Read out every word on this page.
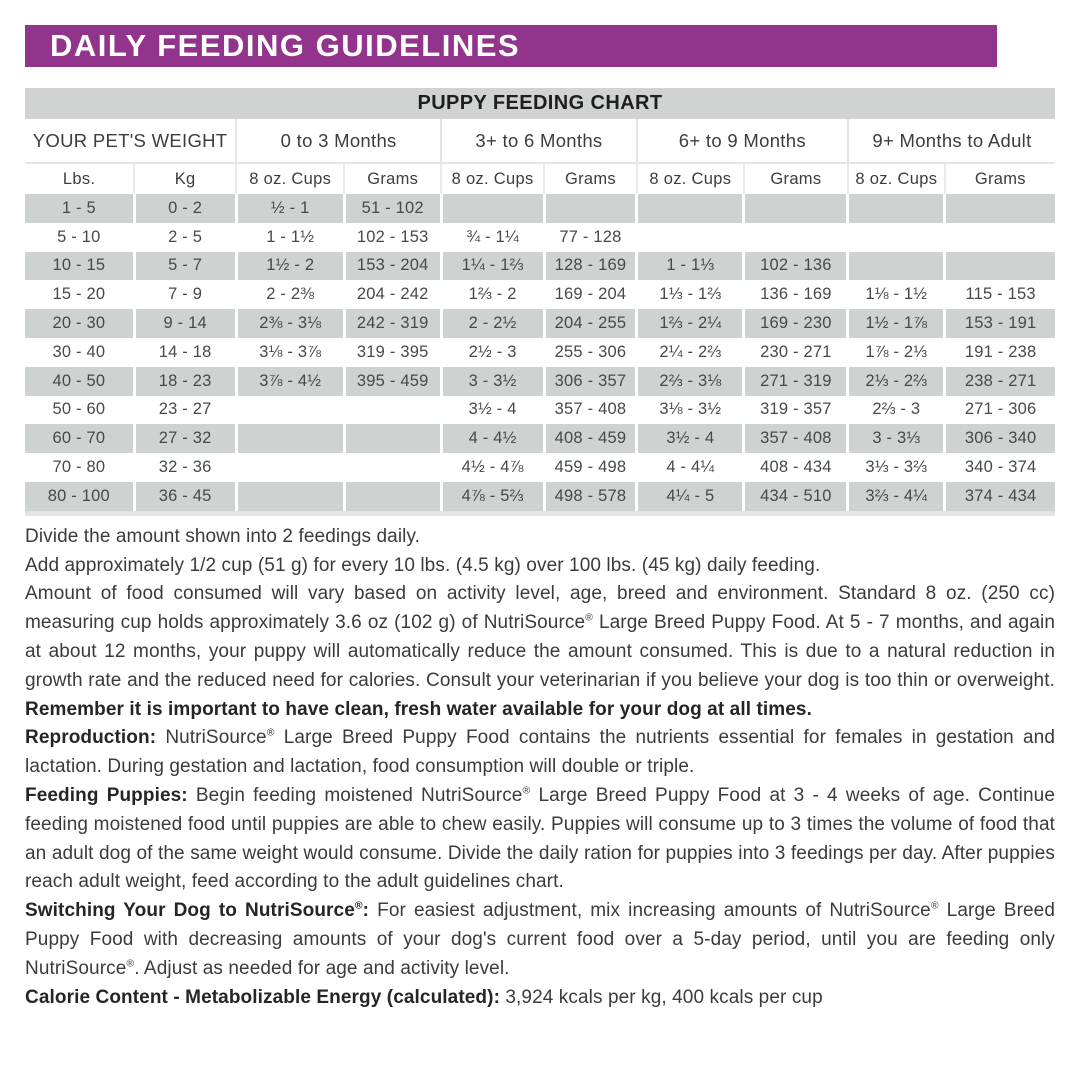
DAILY FEEDING GUIDELINES
PUPPY FEEDING CHART
YOUR PET'S WEIGHT		0 to 3 Months		3+ to 6 Months		6+ to 9 Months		9+ Months to Adult	
Lbs.	Kg	8 oz. Cups	Grams	8 oz. Cups	Grams	8 oz. Cups	Grams	8 oz. Cups	Grams
1 - 5	0 - 2	½ - 1	51 - 102						
5 - 10	2 - 5	1 - 1½	102 - 153	¾ - 1¼	77 - 128				
10 - 15	5 - 7	1½ - 2	153 - 204	1¼ - 1⅔	128 - 169	1 - 1⅓	102 - 136		
15 - 20	7 - 9	2 - 2⅜	204 - 242	1⅔ - 2	169 - 204	1⅓ - 1⅔	136 - 169	1⅛ - 1½	115 - 153
20 - 30	9 - 14	2⅜ - 3⅛	242 - 319	2 - 2½	204 - 255	1⅔ - 2¼	169 - 230	1½ - 1⅞	153 - 191
30 - 40	14 - 18	3⅛ - 3⅞	319 - 395	2½ - 3	255 - 306	2¼ - 2⅔	230 - 271	1⅞ - 2⅓	191 - 238
40 - 50	18 - 23	3⅞ - 4½	395 - 459	3 - 3½	306 - 357	2⅔ - 3⅛	271 - 319	2⅓ - 2⅔	238 - 271
50 - 60	23 - 27			3½ - 4	357 - 408	3⅛ - 3½	319 - 357	2⅔ - 3	271 - 306
60 - 70	27 - 32			4 - 4½	408 - 459	3½ - 4	357 - 408	3 - 3⅓	306 - 340
70 - 80	32 - 36			4½ - 4⅞	459 - 498	4 - 4¼	408 - 434	3⅓ - 3⅔	340 - 374
80 - 100	36 - 45			4⅞ - 5⅔	498 - 578	4¼ - 5	434 - 510	3⅔ - 4¼	374 - 434

Divide the amount shown into 2 feedings daily.

Add approximately 1/2 cup (51 g) for every 10 lbs. (4.5 kg) over 100 lbs. (45 kg) daily feeding.

Amount of food consumed will vary based on activity level, age, breed and environment. Standard 8 oz. (250 cc) measuring cup holds approximately 3.6 oz (102 g) of NutriSource® Large Breed Puppy Food. At 5 - 7 months, and again at about 12 months, your puppy will automatically reduce the amount consumed. This is due to a natural reduction in growth rate and the reduced need for calories. Consult your veterinarian if you believe your dog is too thin or overweight. Remember it is important to have clean, fresh water available for your dog at all times.

Reproduction: NutriSource® Large Breed Puppy Food contains the nutrients essential for females in gestation and lactation. During gestation and lactation, food consumption will double or triple.

Feeding Puppies: Begin feeding moistened NutriSource® Large Breed Puppy Food at 3 - 4 weeks of age. Continue feeding moistened food until puppies are able to chew easily. Puppies will consume up to 3 times the volume of food that an adult dog of the same weight would consume. Divide the daily ration for puppies into 3 feedings per day. After puppies reach adult weight, feed according to the adult guidelines chart.

Switching Your Dog to NutriSource®: For easiest adjustment, mix increasing amounts of NutriSource® Large Breed Puppy Food with decreasing amounts of your dog's current food over a 5-day period, until you are feeding only NutriSource®. Adjust as needed for age and activity level.

Calorie Content - Metabolizable Energy (calculated): 3,924 kcals per kg, 400 kcals per cup
